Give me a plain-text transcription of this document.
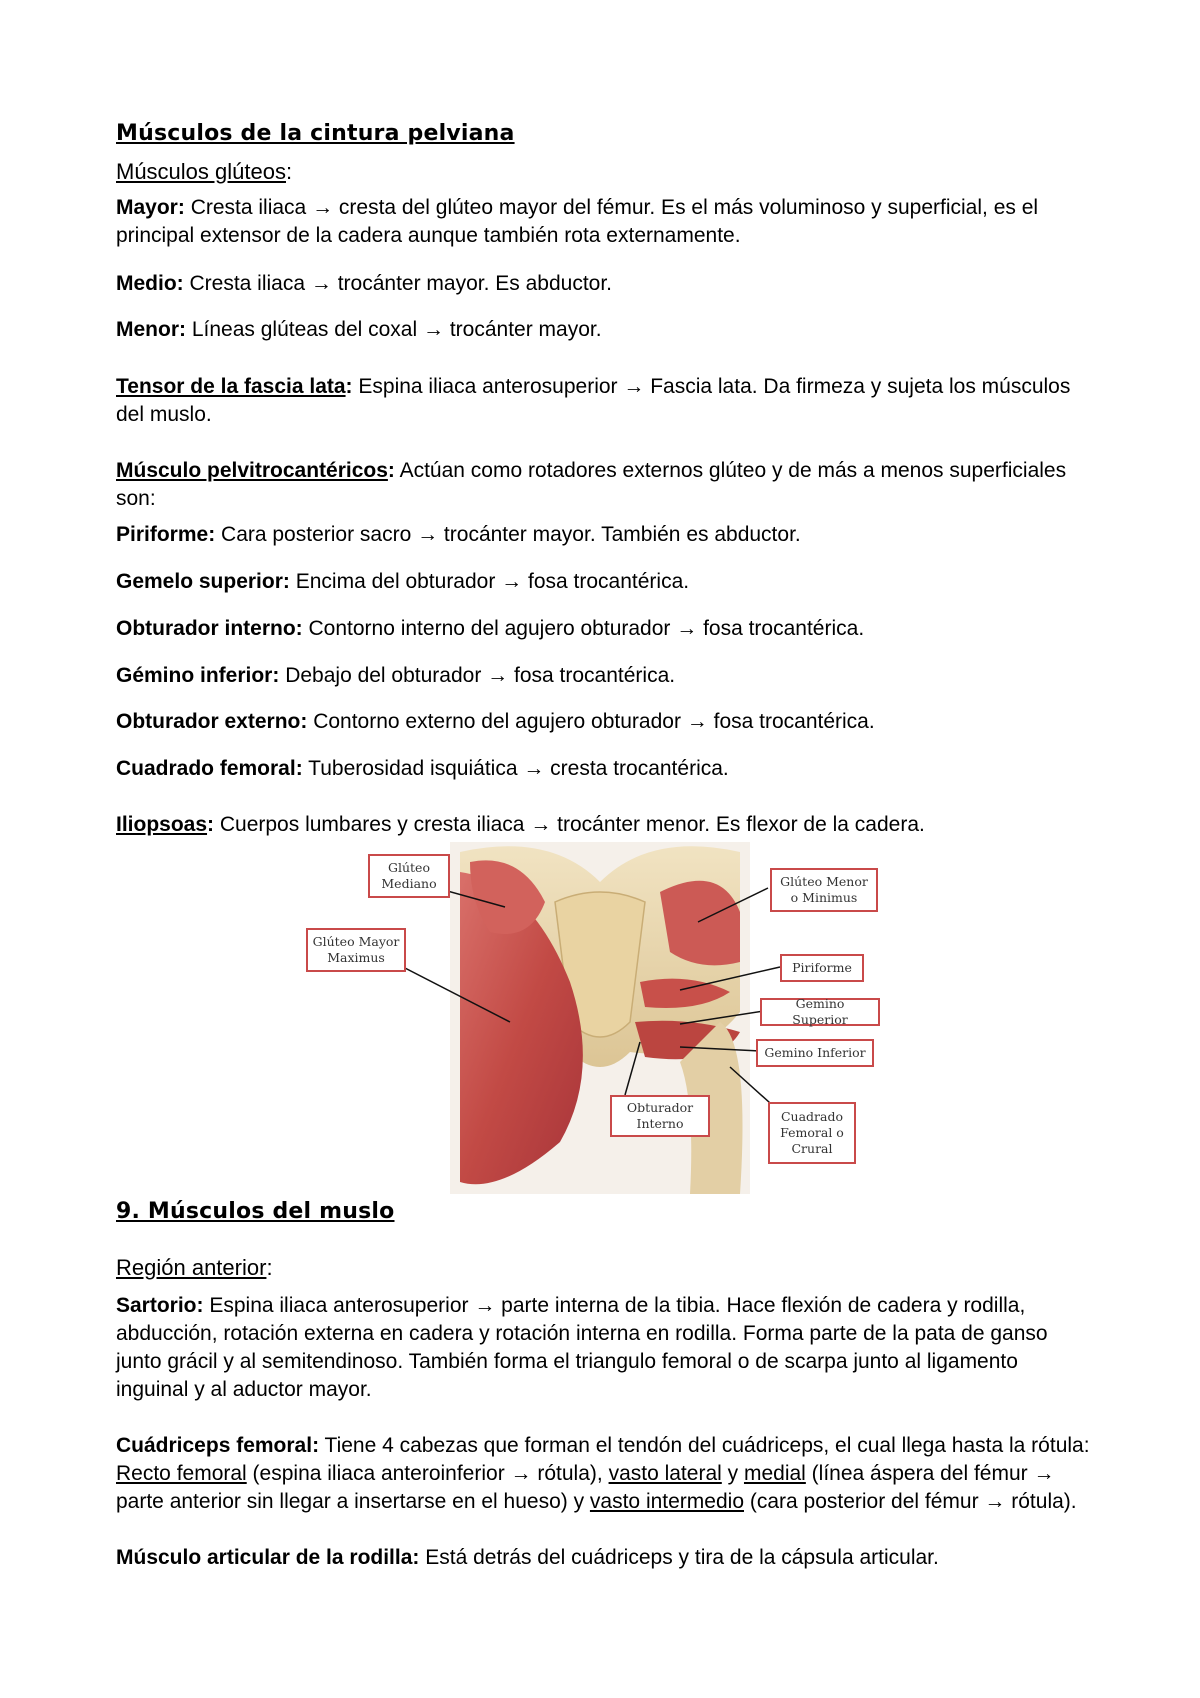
Músculos de la cintura pelviana
Músculos glúteos:
Mayor: Cresta iliaca → cresta del glúteo mayor del fémur. Es el más voluminoso y superficial, es el principal extensor de la cadera aunque también rota externamente.
Medio: Cresta iliaca → trocánter mayor. Es abductor.
Menor: Líneas glúteas del coxal → trocánter mayor.
Tensor de la fascia lata: Espina iliaca anterosuperior → Fascia lata. Da firmeza y sujeta los músculos del muslo.
Músculo pelvitrocantéricos: Actúan como rotadores externos glúteo y de más a menos superficiales son:
Piriforme: Cara posterior sacro → trocánter mayor. También es abductor.
Gemelo superior: Encima del obturador → fosa trocantérica.
Obturador interno: Contorno interno del agujero obturador → fosa trocantérica.
Gémino inferior: Debajo del obturador → fosa trocantérica.
Obturador externo: Contorno externo del agujero obturador → fosa trocantérica.
Cuadrado femoral: Tuberosidad isquiática → cresta trocantérica.
Iliopsoas: Cuerpos lumbares y cresta iliaca → trocánter menor. Es flexor de la cadera.
Glúteo Mediano
Glúteo Mayor Maximus
Glúteo Menor o Minimus
Piriforme
Gemino Superior
Gemino Inferior
Obturador Interno	Cuadrado Femoral o Crural
9. Músculos del muslo
Región anterior:
Sartorio: Espina iliaca anterosuperior → parte interna de la tibia. Hace flexión de cadera y rodilla, abducción, rotación externa en cadera y rotación interna en rodilla. Forma parte de la pata de ganso junto grácil y al semitendinoso. También forma el triangulo femoral o de scarpa junto al ligamento inguinal y al aductor mayor.
Cuádriceps femoral: Tiene 4 cabezas que forman el tendón del cuádriceps, el cual llega hasta la rótula: Recto femoral (espina iliaca anteroinferior → rótula), vasto lateral y medial (línea áspera del fémur → parte anterior sin llegar a insertarse en el hueso) y vasto intermedio (cara posterior del fémur → rótula).
Músculo articular de la rodilla: Está detrás del cuádriceps y tira de la cápsula articular.
